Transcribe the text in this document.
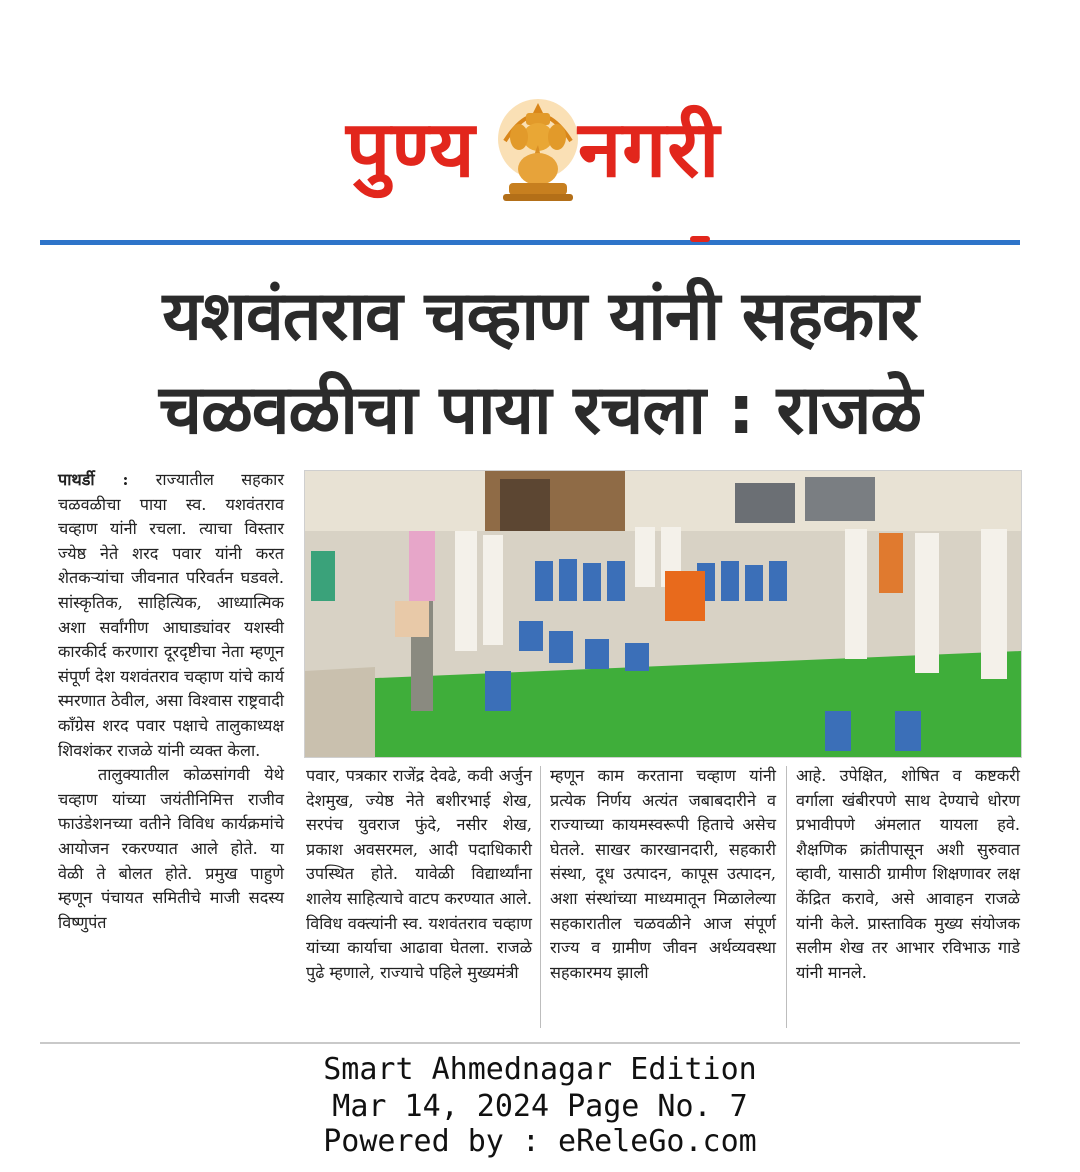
पुण्य नगरी
यशवंतराव चव्हाण यांनी सहकार
चळवळीचा पाया रचला : राजळे

पाथर्डी : राज्यातील सहकार चळवळीचा पाया स्व. यशवंतराव चव्हाण यांनी रचला. त्याचा विस्तार ज्येष्ठ नेते शरद पवार यांनी करत शेतकऱ्यांचा जीवनात परिवर्तन घडवले. सांस्कृतिक, साहित्यिक, आध्यात्मिक अशा सर्वांगीण आघाड्यांवर यशस्वी कारकीर्द करणारा दूरदृष्टीचा नेता म्हणून संपूर्ण देश यशवंतराव चव्हाण यांचे कार्य स्मरणात ठेवील, असा विश्वास राष्ट्रवादी काँग्रेस शरद पवार पक्षाचे तालुकाध्यक्ष शिवशंकर राजळे यांनी व्यक्त केला.

तालुक्यातील कोळसांगवी येथे चव्हाण यांच्या जयंतीनिमित्त राजीव फाउंडेशनच्या वतीने विविध कार्यक्रमांचे आयोजन रकरण्यात आले होते. या वेळी ते बोलत होते. प्रमुख पाहुणे म्हणून पंचायत समितीचे माजी सदस्य विष्णुपंत

पवार, पत्रकार राजेंद्र देवढे, कवी अर्जुन देशमुख, ज्येष्ठ नेते बशीरभाई शेख, सरपंच युवराज फुंदे, नसीर शेख, प्रकाश अवसरमल, आदी पदाधिकारी उपस्थित होते. यावेळी विद्यार्थ्यांना शालेय साहित्याचे वाटप करण्यात आले. विविध वक्त्यांनी स्व. यशवंतराव चव्हाण यांच्या कार्याचा आढावा घेतला. राजळे पुढे म्हणाले, राज्याचे पहिले मुख्यमंत्री
म्हणून काम करताना चव्हाण यांनी प्रत्येक निर्णय अत्यंत जबाबदारीने व राज्याच्या कायमस्वरूपी हिताचे असेच घेतले. साखर कारखानदारी, सहकारी संस्था, दूध उत्पादन, कापूस उत्पादन, अशा संस्थांच्या माध्यमातून मिळालेल्या सहकारातील चळवळीने आज संपूर्ण राज्य व ग्रामीण जीवन अर्थव्यवस्था सहकारमय झाली
आहे. उपेक्षित, शोषित व कष्टकरी वर्गाला खंबीरपणे साथ देण्याचे धोरण प्रभावीपणे अंमलात यायला हवे. शैक्षणिक क्रांतीपासून अशी सुरुवात व्हावी, यासाठी ग्रामीण शिक्षणावर लक्ष केंद्रित करावे, असे आवाहन राजळे यांनी केले. प्रास्ताविक मुख्य संयोजक सलीम शेख तर आभार रविभाऊ गाडे यांनी मानले.
Smart Ahmednagar Edition
Mar 14, 2024 Page No. 7
Powered by : eReleGo.com
